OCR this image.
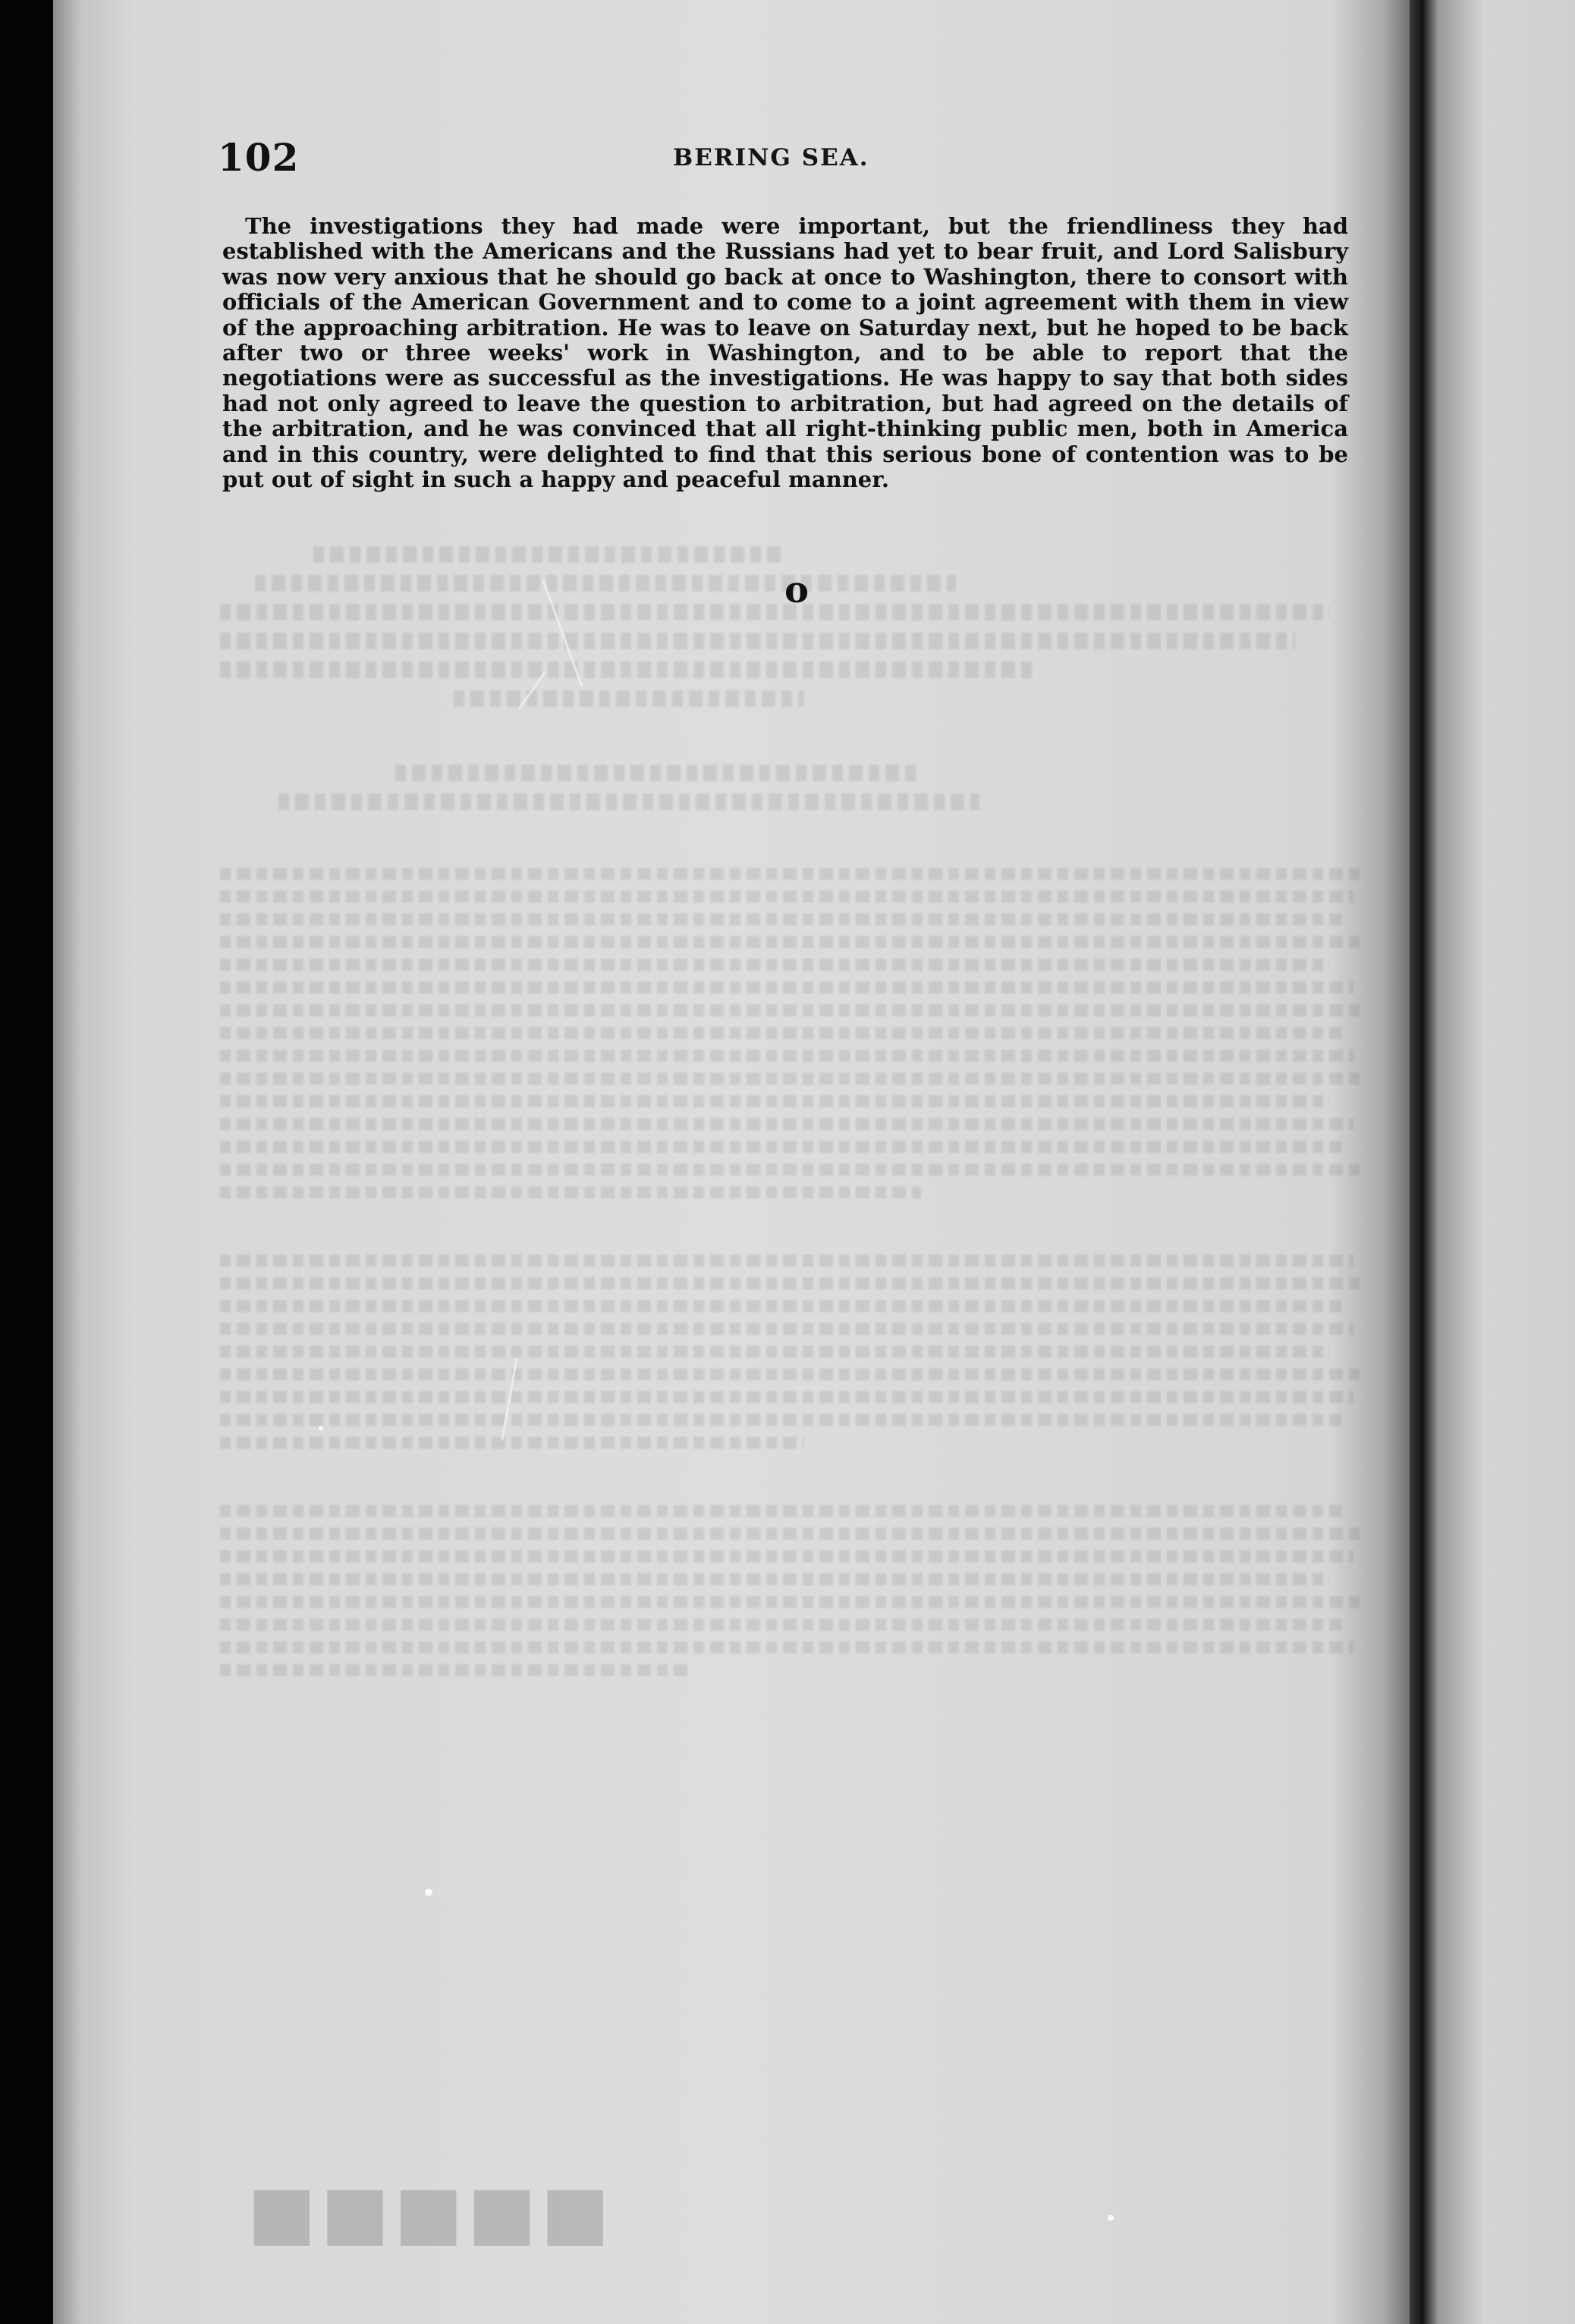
102	BERING SEA.

The investigations they had made were important, but the friendliness they had established with the Americans and the Russians had yet to bear fruit, and Lord Salisbury was now very anxious that he should go back at once to Washington, there to consort with officials of the American Government and to come to a joint agreement with them in view of the approaching arbitration. He was to leave on Saturday next, but he hoped to be back after two or three weeks' work in Washington, and to be able to report that the negotiations were as successful as the investigations. He was happy to say that both sides had not only agreed to leave the question to arbitration, but had agreed on the details of the arbitration, and he was convinced that all right-thinking public men, both in America and in this country, were delighted to find that this serious bone of contention was to be put out of sight in such a happy and peaceful manner.

o
■■■■■
